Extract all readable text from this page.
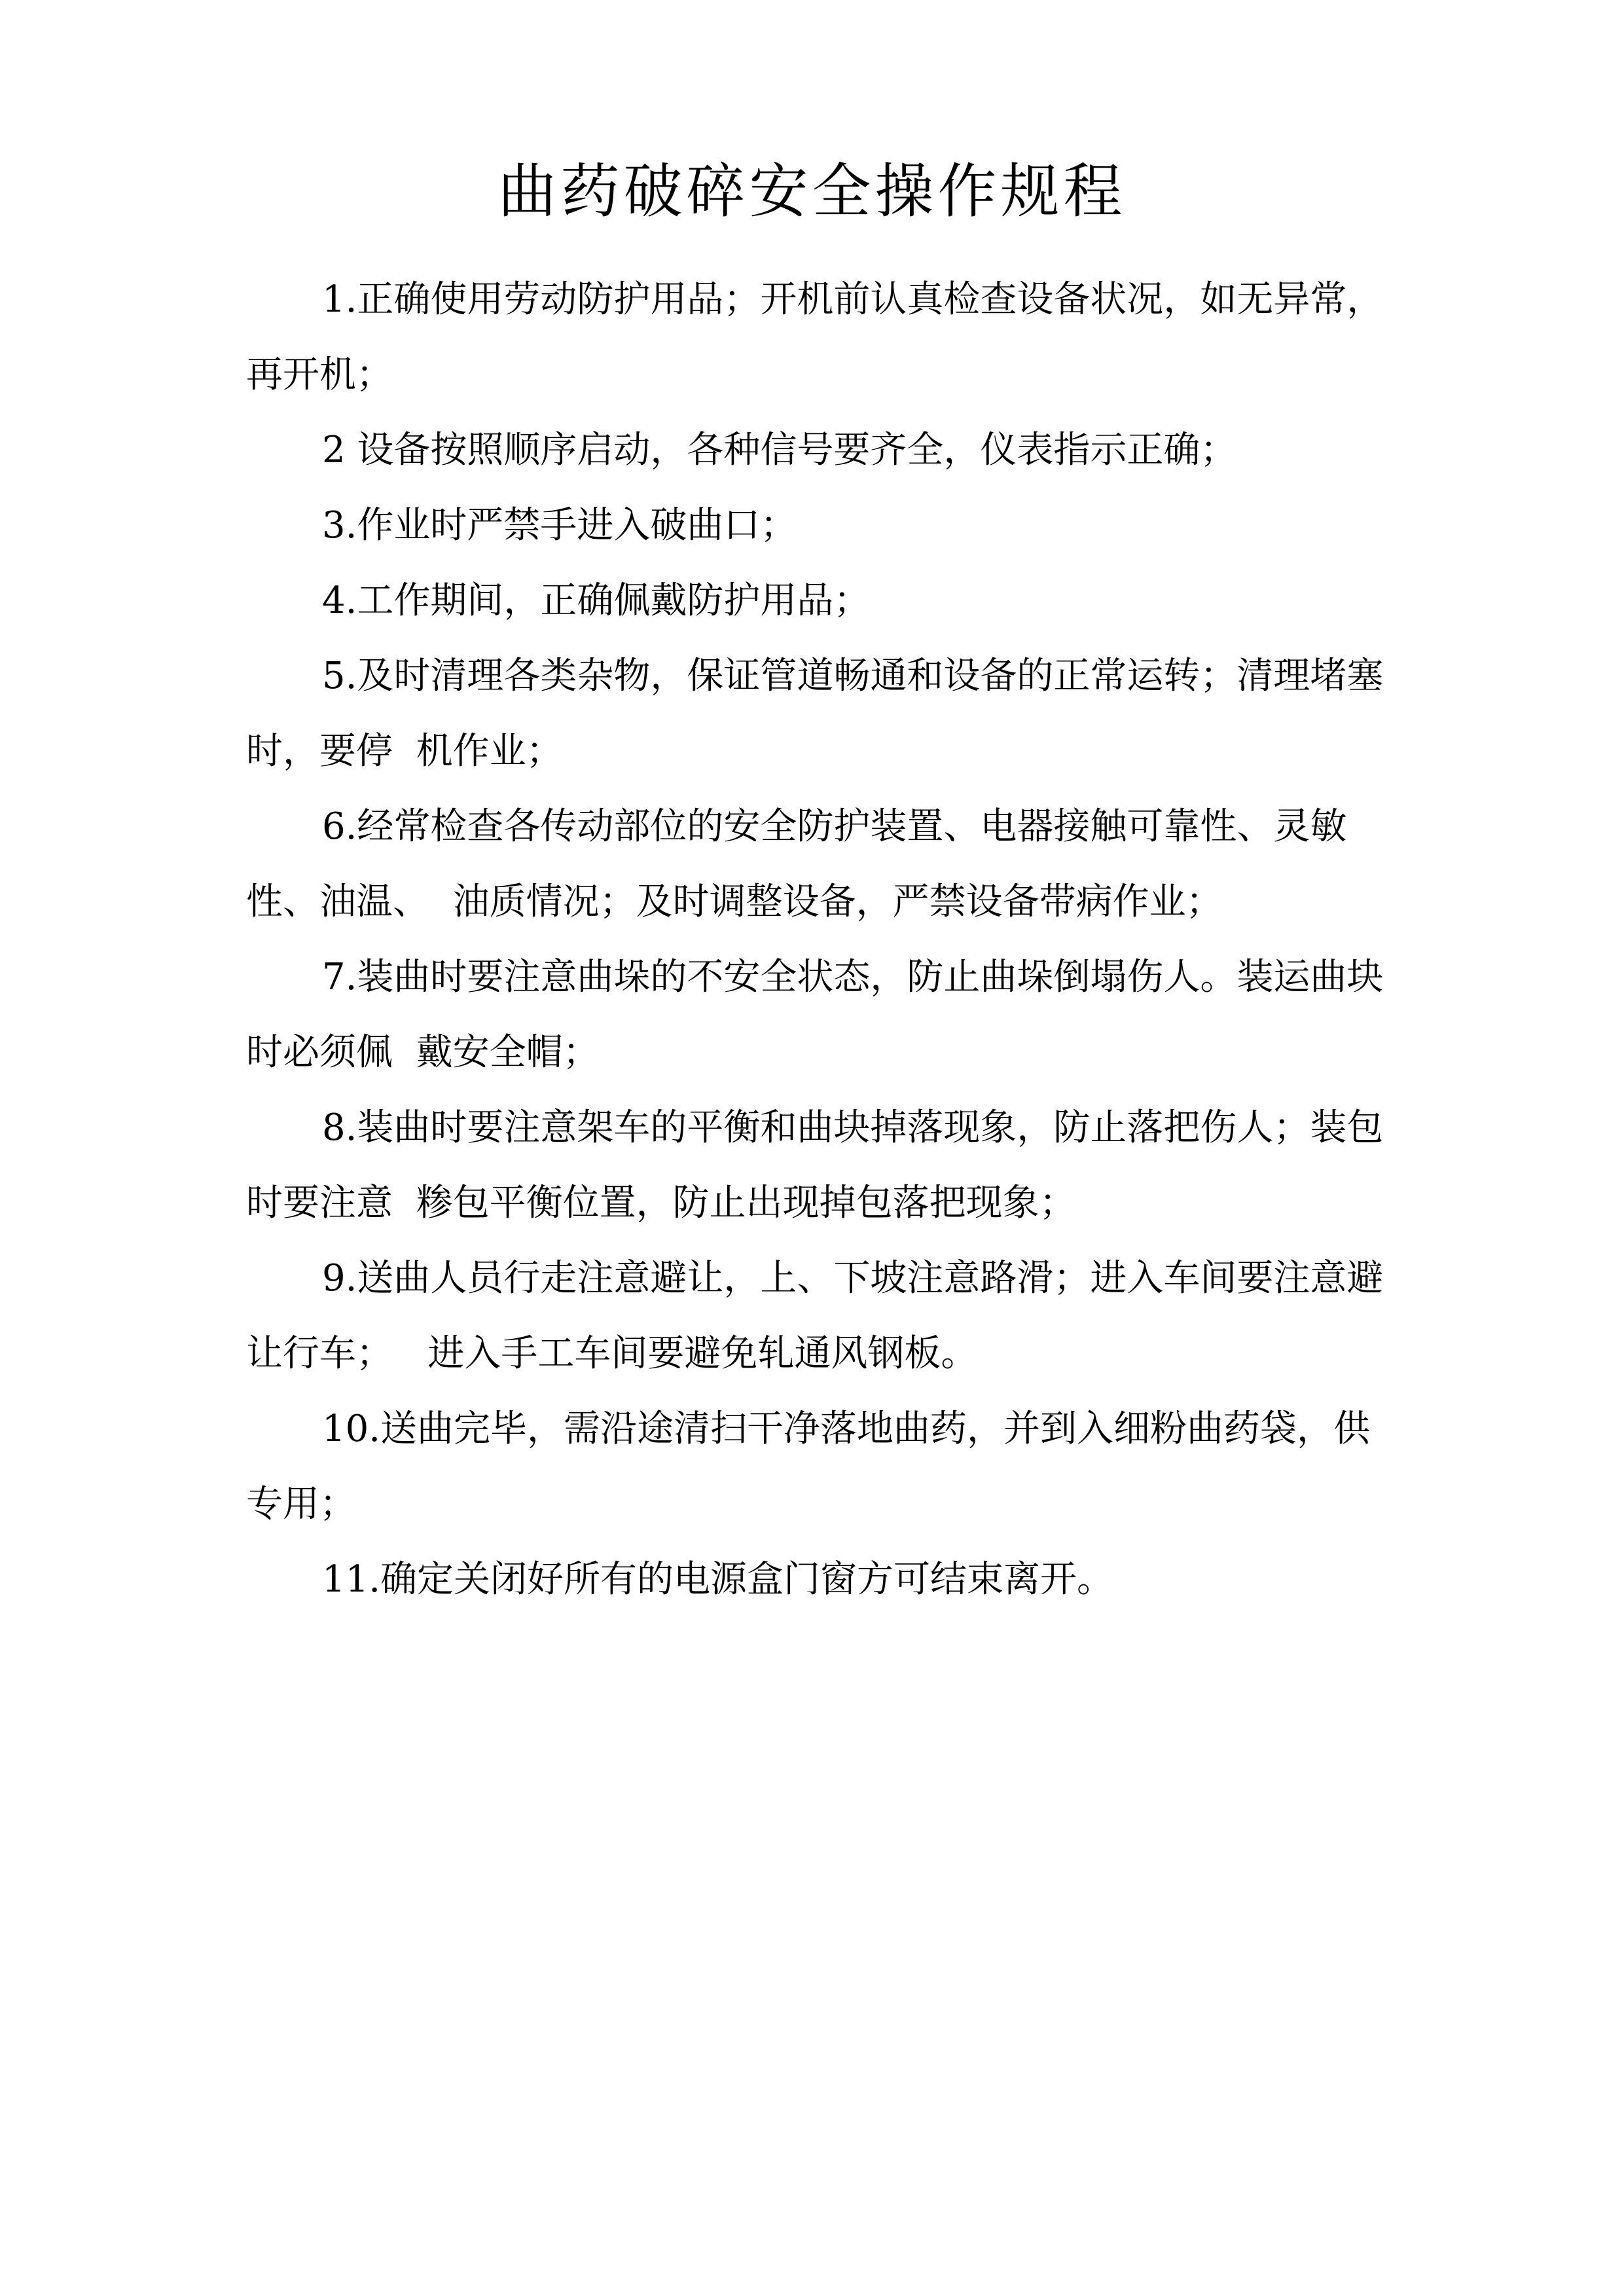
曲药破碎安全操作规程

1.正确使用劳动防护用品；开机前认真检查设备状况，如无异常，再开机；

2 设备按照顺序启动，各种信号要齐全，仪表指示正确；

3.作业时严禁手进入破曲口；

4.工作期间，正确佩戴防护用品；

5.及时清理各类杂物，保证管道畅通和设备的正常运转；清理堵塞时，要停  机作业；

6.经常检查各传动部位的安全防护装置、电器接触可靠性、灵敏性、油温、  油质情况；及时调整设备，严禁设备带病作业；

7.装曲时要注意曲垛的不安全状态，防止曲垛倒塌伤人。装运曲块时必须佩  戴安全帽；

8.装曲时要注意架车的平衡和曲块掉落现象，防止落把伤人；装包时要注意  糁包平衡位置，防止出现掉包落把现象；

9.送曲人员行走注意避让，上、下坡注意路滑；进入车间要注意避让行车；   进入手工车间要避免轧通风钢板。

10.送曲完毕，需沿途清扫干净落地曲药，并到入细粉曲药袋，供专用；

11.确定关闭好所有的电源盒门窗方可结束离开。
